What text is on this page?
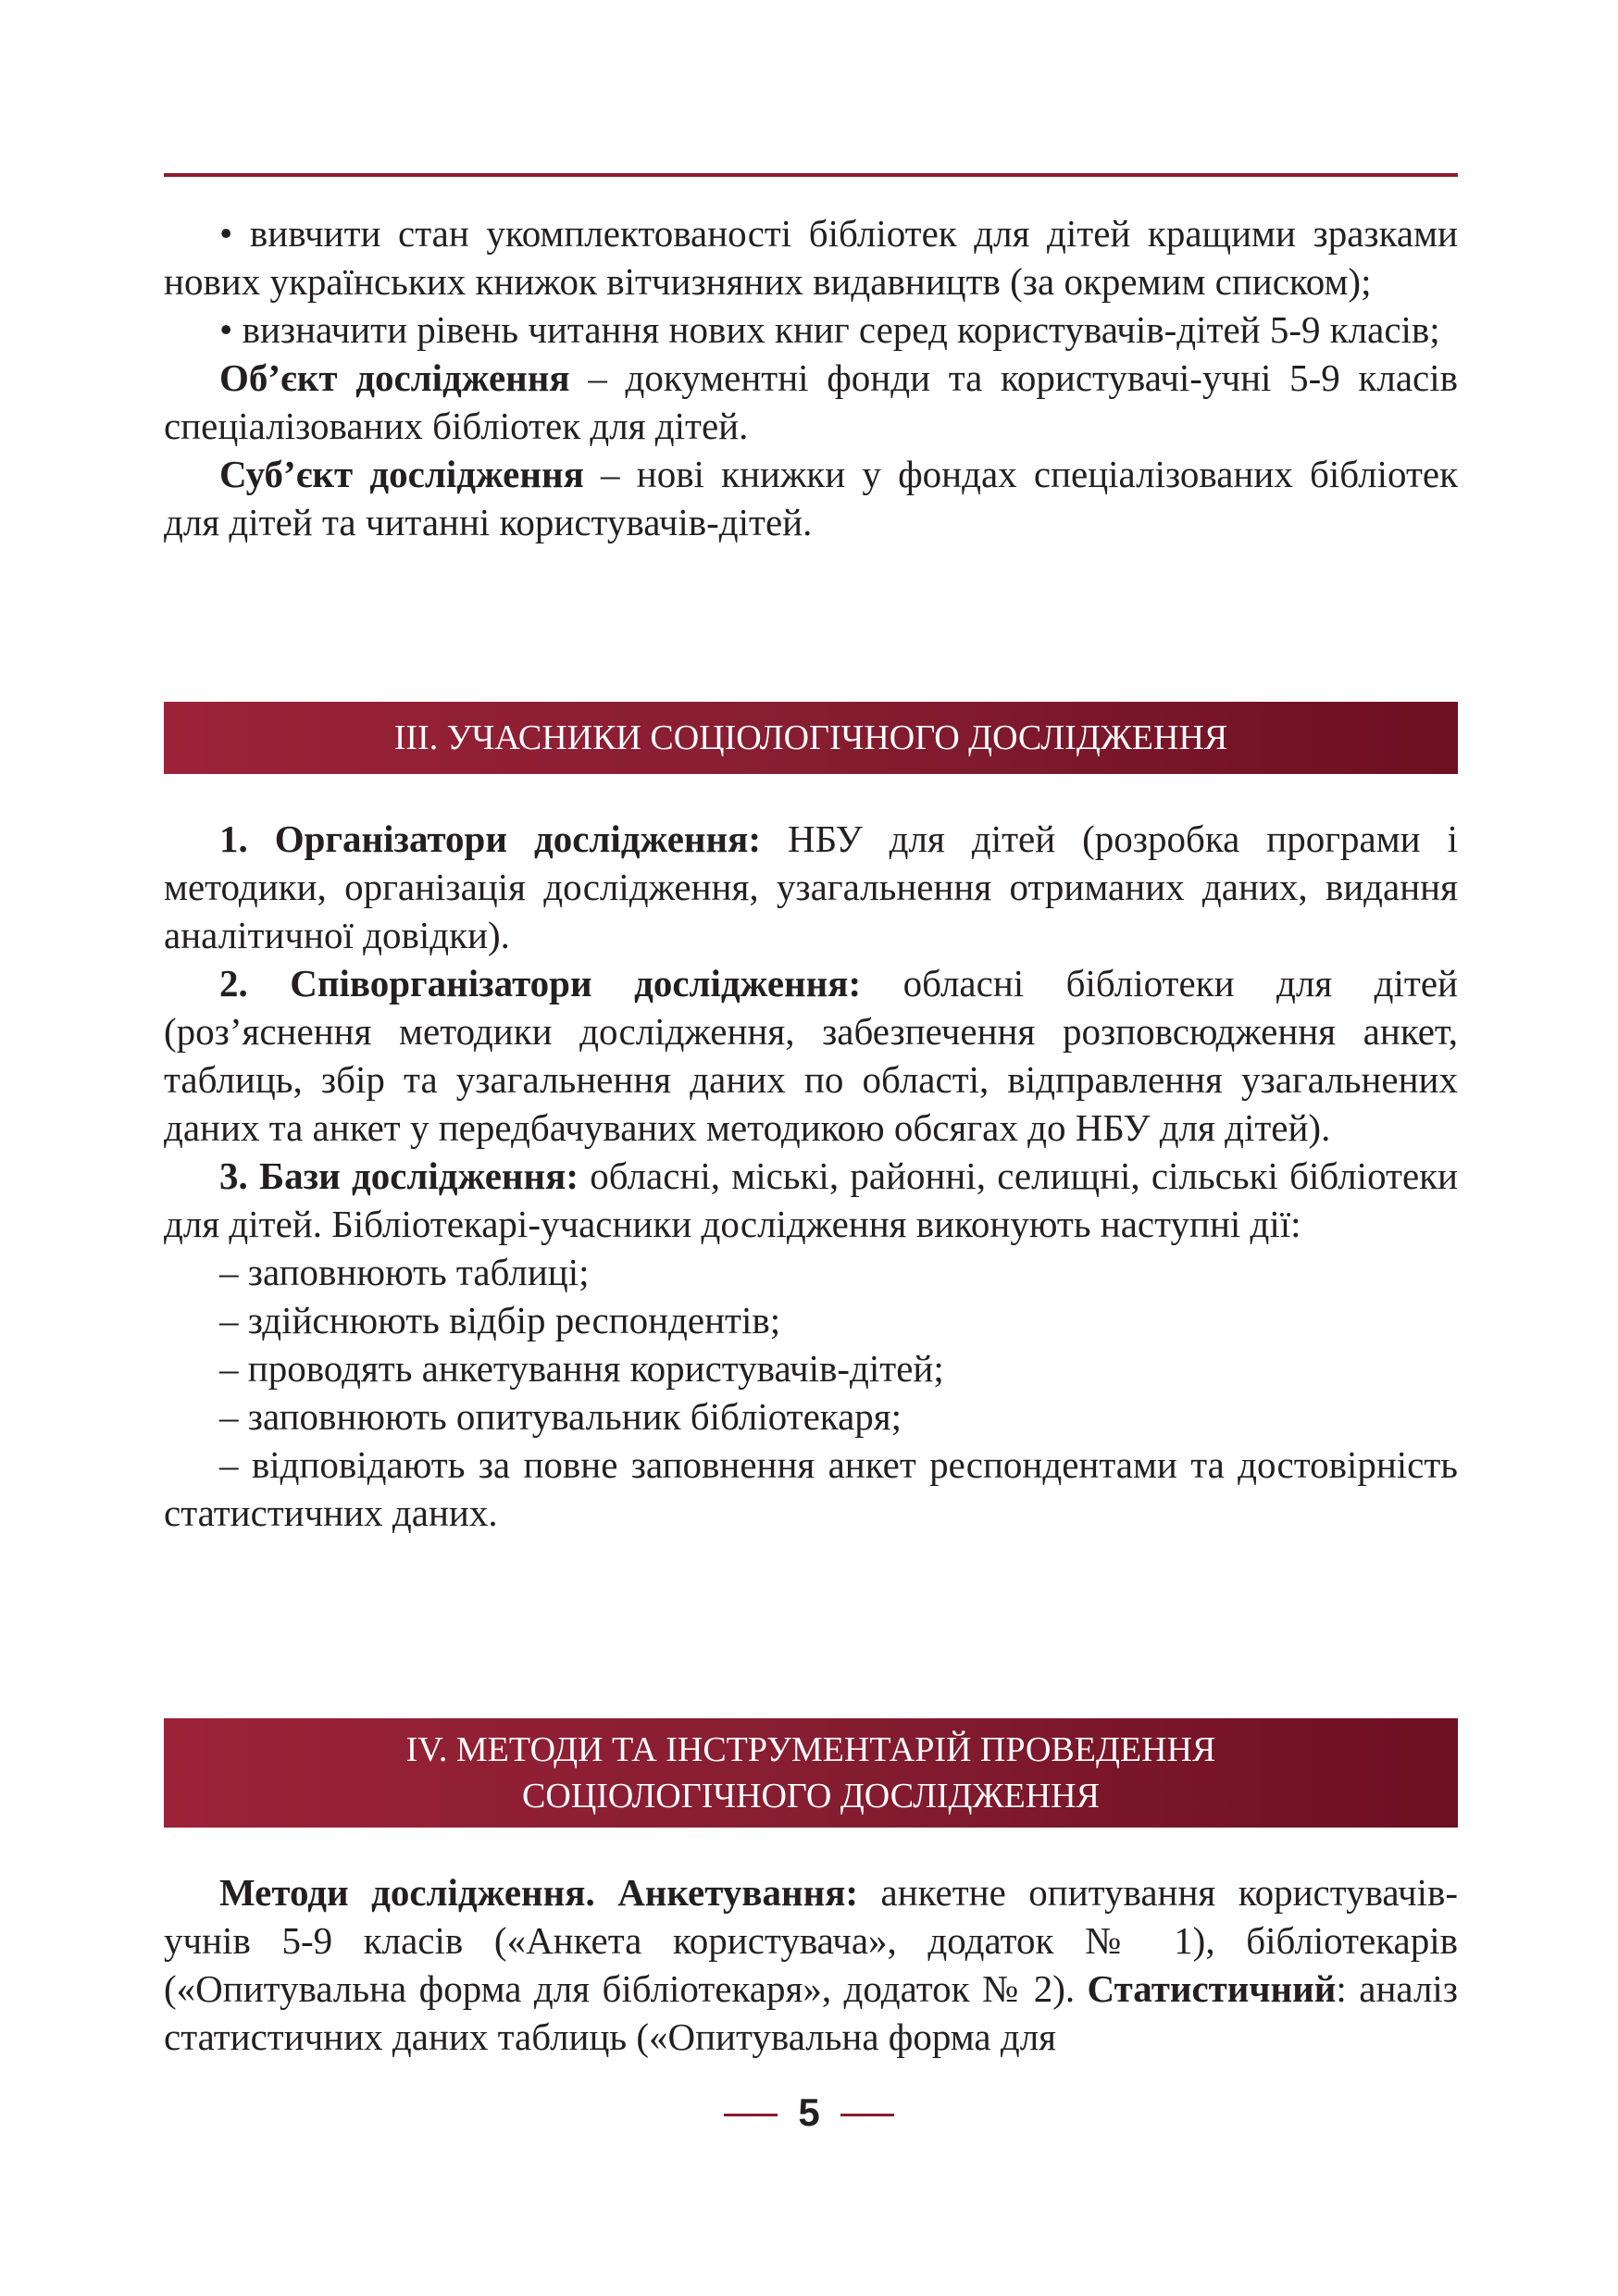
• вивчити стан укомплектованості бібліотек для дітей кращими зразками нових українських книжок вітчизняних видавництв (за окремим списком);

• визначити рівень читання нових книг серед користувачів-дітей 5-9 класів;

Об’єкт дослідження – документні фонди та користувачі-учні 5-9 класів спеціалізованих бібліотек для дітей.

Суб’єкт дослідження – нові книжки у фондах спеціалізованих бібліотек для дітей та читанні користувачів-дітей.

III. УЧАСНИКИ СОЦІОЛОГІЧНОГО ДОСЛІДЖЕННЯ

1. Організатори дослідження: НБУ для дітей (розробка програми і методики, організація дослідження, узагальнення отриманих даних, видання аналітичної довідки).

2. Співорганізатори дослідження: обласні бібліотеки для дітей (роз’яснення методики дослідження, забезпечення розповсюдження анкет, таблиць, збір та узагальнення даних по області, відправлення узагальнених даних та анкет у передбачуваних методикою обсягах до НБУ для дітей).

3. Бази дослідження: обласні, міські, районні, селищні, сільські бібліотеки для дітей. Бібліотекарі-учасники дослідження виконують наступні дії:

– заповнюють таблиці;

– здійснюють відбір респондентів;

– проводять анкетування користувачів-дітей;

– заповнюють опитувальник бібліотекаря;

– відповідають за повне заповнення анкет респондентами та достовірність статистичних даних.

IV. МЕТОДИ ТА ІНСТРУМЕНТАРІЙ ПРОВЕДЕННЯ
СОЦІОЛОГІЧНОГО ДОСЛІДЖЕННЯ

Методи дослідження. Анкетування: анкетне опитування користувачів-учнів 5-9 класів («Анкета користувача», додаток № 1), бібліотекарів («Опитувальна форма для бібліотекаря», додаток № 2). Статистичний: аналіз статистичних даних таблиць («Опитувальна форма для

5
